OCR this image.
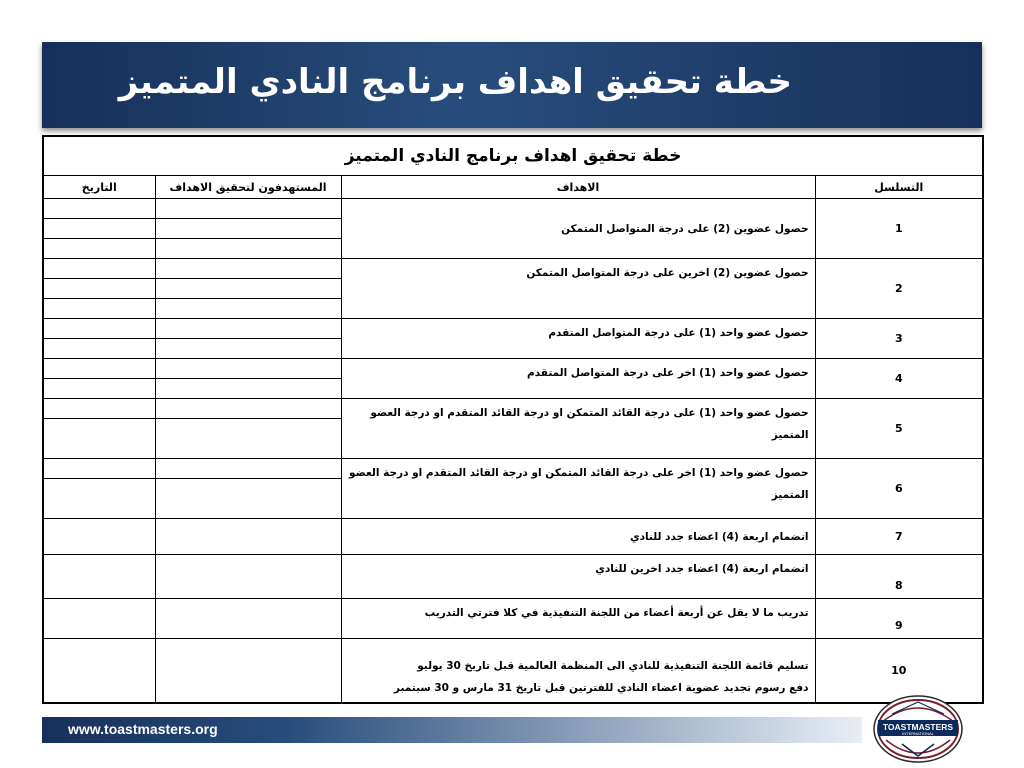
خطة تحقيق اهداف برنامج النادي المتميز
خطة تحقيق اهداف برنامج النادي المتميز			
التسلسل	الاهداف	المستهدفون لتحقيق الاهداف	التاريخ
1	حصول عضوين (2) على درجة المتواصل المتمكن		

2	حصول عضوين (2) اخرين على درجة المتواصل المتمكن		

3	حصول عضو واحد (1) على درجة المتواصل المتقدم		

4	حصول عضو واحد (1) اخر على درجة المتواصل المتقدم		

5	حصول عضو واحد (1) على درجة القائد المتمكن او درجة القائد المتقدم او درجة العضو
المتميز		

6	حصول عضو واحد (1) اخر على درجة القائد المتمكن او درجة القائد المتقدم او درجة العضو
المتميز		

7	انضمام اربعة (4) اعضاء جدد للنادي		

8	انضمام اربعة (4) اعضاء جدد اخرين للنادي		

9	تدريب ما لا يقل عن أربعة أعضاء من اللجنة التنفيذية في كلا فترتي التدريب		

10	تسليم قائمة اللجنة التنفيذية للنادي الى المنظمة العالمية قبل تاريخ 30 يوليو
دفع رسوم تجديد عضوية اعضاء النادي للفترتين قبل تاريخ 31 مارس و 30 سبتمبر		

www.toastmasters.org	TOASTMASTERS
INTERNATIONAL
